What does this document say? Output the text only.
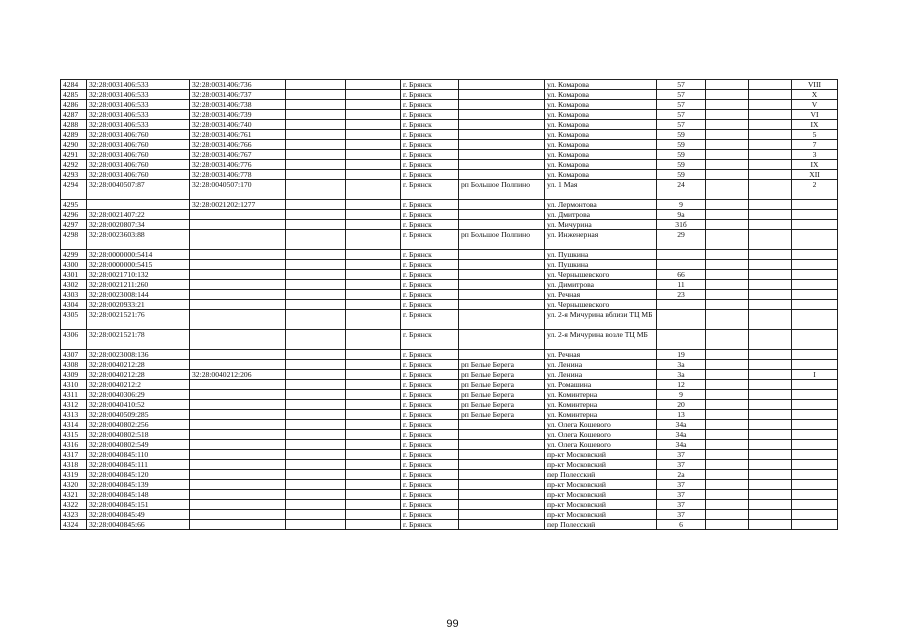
4284	32:28:0031406:533	32:28:0031406:736			г. Брянск		ул. Комарова	57			VIII
4285	32:28:0031406:533	32:28:0031406:737			г. Брянск		ул. Комарова	57			X
4286	32:28:0031406:533	32:28:0031406:738			г. Брянск		ул. Комарова	57			V
4287	32:28:0031406:533	32:28:0031406:739			г. Брянск		ул. Комарова	57			VI
4288	32:28:0031406:533	32:28:0031406:740			г. Брянск		ул. Комарова	57			IX
4289	32:28:0031406:760	32:28:0031406:761			г. Брянск		ул. Комарова	59			5
4290	32:28:0031406:760	32:28:0031406:766			г. Брянск		ул. Комарова	59			7
4291	32:28:0031406:760	32:28:0031406:767			г. Брянск		ул. Комарова	59			3
4292	32:28:0031406:760	32:28:0031406:776			г. Брянск		ул. Комарова	59			IX
4293	32:28:0031406:760	32:28:0031406:778			г. Брянск		ул. Комарова	59			XII
4294	32:28:0040507:87	32:28:0040507:170			г. Брянск	рп Большое Полпино	ул. 1 Мая	24			2
4295		32:28:0021202:1277			г. Брянск		ул. Лермонтова	9			
4296	32:28:0021407:22				г. Брянск		ул. Дмитрова	9а			
4297	32:28:0020807:34				г. Брянск		ул. Мичурина	31б			
4298	32:28:0023603:88				г. Брянск	рп Большое Полпино	ул. Инженерная	29			
4299	32:28:0000000:5414				г. Брянск		ул. Пушкина				
4300	32:28:0000000:5415				г. Брянск		ул. Пушкина				
4301	32:28:0021710:132				г. Брянск		ул. Чернышевского	66			
4302	32:28:0021211:260				г. Брянск		ул. Димитрова	11			
4303	32:28:0023008:144				г. Брянск		ул. Речная	23			
4304	32:28:0020933:21				г. Брянск		ул. Чернышевского				
4305	32:28:0021521:76				г. Брянск		ул. 2-я Мичурина вблизи ТЦ МБ				
4306	32:28:0021521:78				г. Брянск		ул. 2-я Мичурина возле ТЦ МБ				
4307	32:28:0023008:136				г. Брянск		ул. Речная	19			
4308	32:28:0040212:28				г. Брянск	рп Белые Берега	ул. Ленина	3а			
4309	32:28:0040212:28	32:28:0040212:206			г. Брянск	рп Белые Берега	ул. Ленина	3а			I
4310	32:28:0040212:2				г. Брянск	рп Белые Берега	ул. Ромашина	12			
4311	32:28:0040306:29				г. Брянск	рп Белые Берега	ул. Коминтерна	9			
4312	32:28:0040410:52				г. Брянск	рп Белые Берега	ул. Коминтерна	20			
4313	32:28:0040509:285				г. Брянск	рп Белые Берега	ул. Коминтерна	13			
4314	32:28:0040802:256				г. Брянск		ул. Олега Кошевого	34а			
4315	32:28:0040802:518				г. Брянск		ул. Олега Кошевого	34а			
4316	32:28:0040802:549				г. Брянск		ул. Олега Кошевого	34а			
4317	32:28:0040845:110				г. Брянск		пр-кт Московский	37			
4318	32:28:0040845:111				г. Брянск		пр-кт Московский	37			
4319	32:28:0040845:120				г. Брянск		пер Полесский	2а			
4320	32:28:0040845:139				г. Брянск		пр-кт Московский	37			
4321	32:28:0040845:148				г. Брянск		пр-кт Московский	37			
4322	32:28:0040845:151				г. Брянск		пр-кт Московский	37			
4323	32:28:0040845:49				г. Брянск		пр-кт Московский	37			
4324	32:28:0040845:66				г. Брянск		пер Полесский	6			
99
